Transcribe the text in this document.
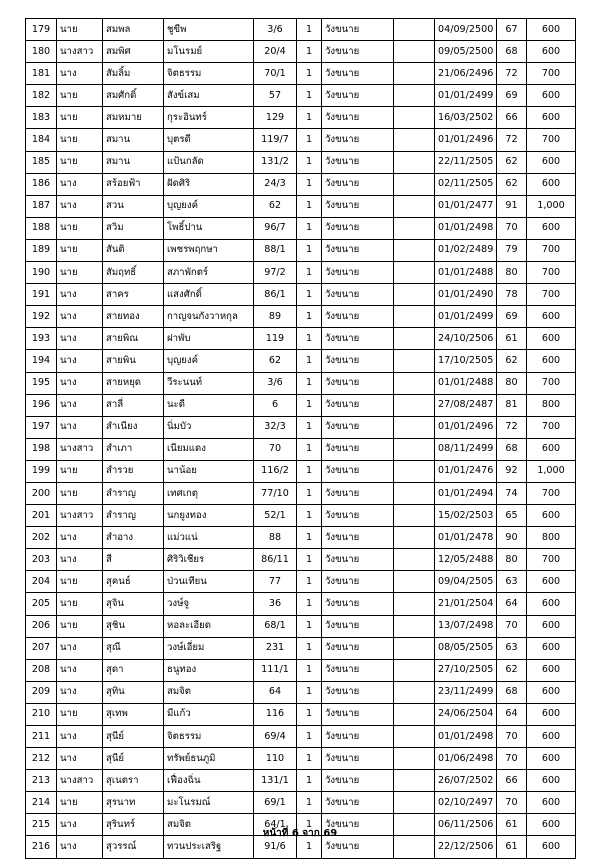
179	นาย	สมพล	ชูขีพ	3/6	1	วังขนาย		04/09/2500	67	600
180	นางสาว	สมพิศ	มโนรมย์	20/4	1	วังขนาย		09/05/2500	68	600
181	นาง	สัมลิ้ม	จิตธรรม	70/1	1	วังขนาย		21/06/2496	72	700
182	นาย	สมศักดิ์	สังข์เสม	57	1	วังขนาย		01/01/2499	69	600
183	นาย	สมหมาย	กุระอินทร์	129	1	วังขนาย		16/03/2502	66	600
184	นาย	สมาน	บุตรดี	119/7	1	วังขนาย		01/01/2496	72	700
185	นาย	สมาน	แป้นกลัด	131/2	1	วังขนาย		22/11/2505	62	600
186	นาง	สร้อยฟ้า	ฝัดศิริ	24/3	1	วังขนาย		02/11/2505	62	600
187	นาง	สวน	บุญยงค์	62	1	วังขนาย		01/01/2477	91	1,000
188	นาย	สวิม	โพธิ์ปาน	96/7	1	วังขนาย		01/01/2498	70	600
189	นาย	สันติ	เพชรพฤกษา	88/1	1	วังขนาย		01/02/2489	79	700
190	นาย	สัมฤทธิ์	สภาพักตร์	97/2	1	วังขนาย		01/01/2488	80	700
191	นาง	สาคร	แสงศักดิ์	86/1	1	วังขนาย		01/01/2490	78	700
192	นาง	สายทอง	กาญจนกังวาหกุล	89	1	วังขนาย		01/01/2499	69	600
193	นาง	สายพิณ	ฝาพับ	119	1	วังขนาย		24/10/2506	61	600
194	นาง	สายพิน	บุญยงค์	62	1	วังขนาย		17/10/2505	62	600
195	นาง	สายหยุด	วีระนนท์	3/6	1	วังขนาย		01/01/2488	80	700
196	นาง	สาลี่	นะดี	6	1	วังขนาย		27/08/2487	81	800
197	นาง	สำเนียง	นิ่มบัว	32/3	1	วังขนาย		01/01/2496	72	700
198	นางสาว	สำเภา	เนียมแดง	70	1	วังขนาย		08/11/2499	68	600
199	นาย	สำรวย	นาน้อย	116/2	1	วังขนาย		01/01/2476	92	1,000
200	นาย	สำราญ	เทศเกตุ	77/10	1	วังขนาย		01/01/2494	74	700
201	นางสาว	สำราญ	นกยูงทอง	52/1	1	วังขนาย		15/02/2503	65	600
202	นาง	สำอาง	แม่วแน่	88	1	วังขนาย		01/01/2478	90	800
203	นาง	สี	ศิริวิเชียร	86/11	1	วังขนาย		12/05/2488	80	700
204	นาย	สุคนธ์	ป่วนเทียน	77	1	วังขนาย		09/04/2505	63	600
205	นาย	สุจิน	วงษ์จู	36	1	วังขนาย		21/01/2504	64	600
206	นาย	สุชิน	หอละเอียด	68/1	1	วังขนาย		13/07/2498	70	600
207	นาง	สุณี	วงษ์เอี่ยม	231	1	วังขนาย		08/05/2505	63	600
208	นาง	สุดา	ธนูทอง	111/1	1	วังขนาย		27/10/2505	62	600
209	นาง	สุทิน	สมจิต	64	1	วังขนาย		23/11/2499	68	600
210	นาย	สุเทพ	มีแก้ว	116	1	วังขนาย		24/06/2504	64	600
211	นาง	สุนีย์	จิตธรรม	69/4	1	วังขนาย		01/01/2498	70	600
212	นาง	สุนีย์	ทรัพย์ธนภูมิ	110	1	วังขนาย		01/06/2498	70	600
213	นางสาว	สุเนตรา	เฟื่องฉิ่น	131/1	1	วังขนาย		26/07/2502	66	600
214	นาย	สุรนาท	มะโนรมณ์	69/1	1	วังขนาย		02/10/2497	70	600
215	นาง	สุรินทร์	สมจิต	64/1	1	วังขนาย		06/11/2506	61	600
216	นาง	สุวรรณ์	ทวนประเสริฐ	91/6	1	วังขนาย		22/12/2506	61	600
หน้าที่ 6 จาก 69
